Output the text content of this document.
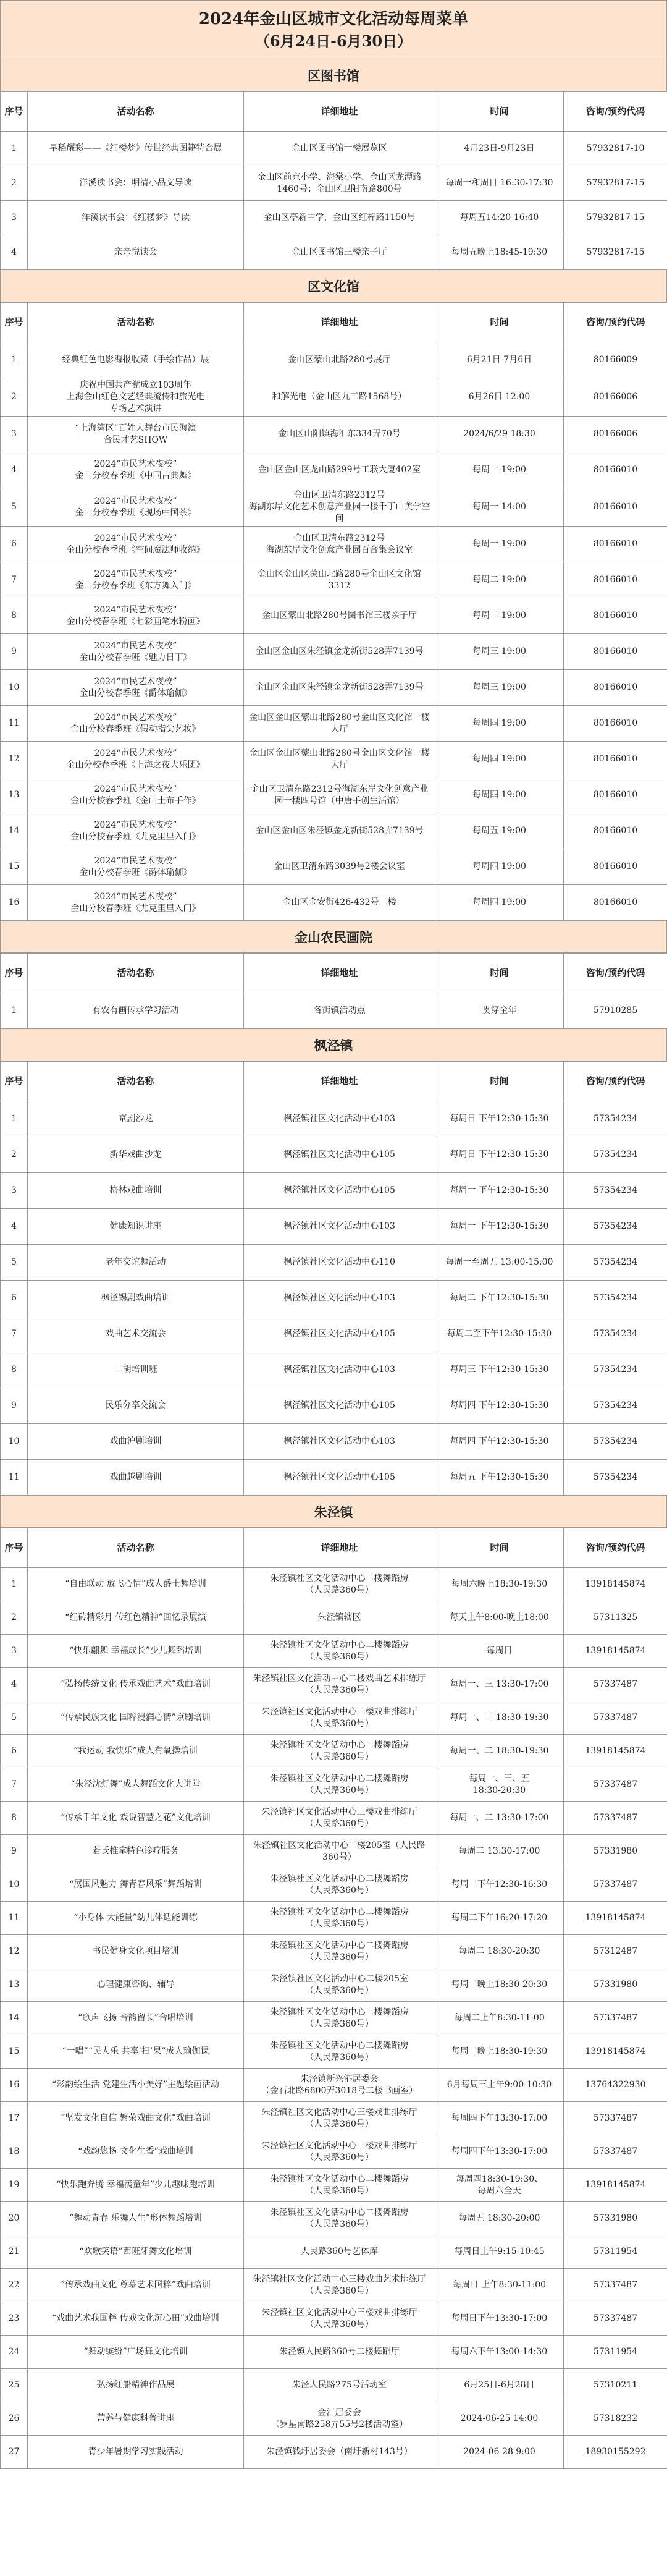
2024年金山区城市文化活动每周菜单
（6月24日-6月30日）
区图书馆
序号	活动名称	详细地址	时间	咨询/预约代码
1	早稻耀彩——《红楼梦》传世经典图籍特合展	金山区图书馆一楼展览区	4月23日-9月23日	57932817-10
2	洋溪读书会：明清小品文导读	金山区前京小学、海棠小学、金山区龙潭路1460号；金山区卫阳南路800号	每周一和周日 16:30-17:30	57932817-15
3	洋溪读书会：《红楼梦》导读	金山区亭新中学，金山区红梓路1150号	每周五14:20-16:40	57932817-15
4	亲亲悦读会	金山区图书馆三楼亲子厅	每周五晚上18:45-19:30	57932817-15
区文化馆
序号	活动名称	详细地址	时间	咨询/预约代码
1	经典红色电影海报收藏（手绘作品）展	金山区蒙山北路280号展厅	6月21日-7月6日	80166009
2	庆祝中国共产党成立103周年
上海金山红色文艺经典流传和旅光电
专场艺术演讲	和解光电（金山区九工路1568号）	6月26日 12:00	80166006
3	“上海湾区”百姓大舞台市民海演
合民才艺SHOW	金山区山阳镇海汇东334弄70号	2024/6/29 18:30	80166006
4	2024“市民艺术夜校”
金山分校春季班《中国古典舞》	金山区金山区龙山路299号工联大厦402室	每周一 19:00	80166010
5	2024“市民艺术夜校”
金山分校春季班《现场中国茶》	金山区卫清东路2312号
海湖东岸文化艺术创意产业园一楼千丁山美学空间	每周一 14:00	80166010
6	2024“市民艺术夜校”
金山分校春季班《空间魔法师收纳》	金山区卫清东路2312号
海湖东岸文化创意产业园百合集会议室	每周一 19:00	80166010
7	2024“市民艺术夜校”
金山分校春季班《东方舞入门》	金山区金山区蒙山北路280号金山区文化馆3312	每周二 19:00	80166010
8	2024“市民艺术夜校”
金山分校春季班《七彩画笔水粉画》	金山区蒙山北路280号图书馆三楼亲子厅	每周二 19:00	80166010
9	2024“市民艺术夜校”
金山分校春季班《魅力日丁》	金山区金山区朱泾镇金龙新街528弄7139号	每周三 19:00	80166010
10	2024“市民艺术夜校”
金山分校春季班《爵体瑜伽》	金山区金山区朱泾镇金龙新街528弄7139号	每周三 19:00	80166010
11	2024“市民艺术夜校”
金山分校春季班《假动指尖艺妆》	金山区金山区蒙山北路280号金山区文化馆一楼大厅	每周四 19:00	80166010
12	2024“市民艺术夜校”
金山分校春季班《上海之夜大乐团》	金山区金山区蒙山北路280号金山区文化馆一楼大厅	每周四 19:00	80166010
13	2024“市民艺术夜校”
金山分校春季班《金山土布手作》	金山区卫清东路2312号海湖东岸文化创意产业园一楼四号馆（中唐手创生活馆）	每周四 19:00	80166010
14	2024“市民艺术夜校”
金山分校春季班《尤克里里入门》	金山区金山区朱泾镇金龙新街528弄7139号	每周五 19:00	80166010
15	2024“市民艺术夜校”
金山分校春季班《爵体瑜伽》	金山区卫清东路3039号2楼会议室	每周四 19:00	80166010
16	2024“市民艺术夜校”
金山分校春季班《尤克里里入门》	金山区金安街426-432号二楼	每周四 19:00	80166010
金山农民画院
序号	活动名称	详细地址	时间	咨询/预约代码
1	有农有画传承学习活动	各街镇活动点	贯穿全年	57910285
枫泾镇
序号	活动名称	详细地址	时间	咨询/预约代码
1	京剧沙龙	枫泾镇社区文化活动中心103	每周日 下午12:30-15:30	57354234
2	新华戏曲沙龙	枫泾镇社区文化活动中心105	每周日 下午12:30-15:30	57354234
3	梅林戏曲培训	枫泾镇社区文化活动中心105	每周一 下午12:30-15:30	57354234
4	健康知识讲座	枫泾镇社区文化活动中心103	每周一 下午12:30-15:30	57354234
5	老年交谊舞活动	枫泾镇社区文化活动中心110	每周一至周五 13:00-15:00	57354234
6	枫泾锡剧戏曲培训	枫泾镇社区文化活动中心103	每周二 下午12:30-15:30	57354234
7	戏曲艺术交流会	枫泾镇社区文化活动中心105	每周二至下午12:30-15:30	57354234
8	二胡培训班	枫泾镇社区文化活动中心103	每周三 下午12:30-15:30	57354234
9	民乐分享交流会	枫泾镇社区文化活动中心105	每周四 下午12:30-15:30	57354234
10	戏曲沪剧培训	枫泾镇社区文化活动中心103	每周四 下午12:30-15:30	57354234
11	戏曲越剧培训	枫泾镇社区文化活动中心105	每周五 下午12:30-15:30	57354234
朱泾镇
序号	活动名称	详细地址	时间	咨询/预约代码
1	“自由联动 放飞心情”成人爵士舞培训	朱泾镇社区文化活动中心二楼舞蹈房
（人民路360号）	每周六晚上18:30-19:30	13918145874
2	“红砖精彩月 传红色精神”回忆录展演	朱泾镇辖区	每天上午8:00-晚上18:00	57311325
3	“快乐翩舞 幸福成长”少儿舞蹈培训	朱泾镇社区文化活动中心二楼舞蹈房
（人民路360号）	每周日	13918145874
4	“弘扬传统文化 传承戏曲艺术”戏曲培训	朱泾镇社区文化活动中心二楼戏曲艺术排练厅
（人民路360号）	每周一、三 13:30-17:00	57337487
5	“传承民族文化 国粹浸润心情”京剧培训	朱泾镇社区文化活动中心三楼戏曲排练厅
（人民路360号）	每周一、二 18:30-19:30	57337487
6	“我运动 我快乐”成人有氧操培训	朱泾镇社区文化活动中心二楼舞蹈房
（人民路360号）	每周一、二 18:30-19:30	13918145874
7	“朱泾沈灯舞”成人舞蹈文化大讲堂	朱泾镇社区文化活动中心二楼舞蹈房
（人民路360号）	每周一、三、五
18:30-20:30	57337487
8	“传承千年文化 戏说智慧之花”文化培训	朱泾镇社区文化活动中心三楼戏曲排练厅
（人民路360号）	每周一、二 13:30-17:00	57337487
9	若氏推拿特色诊疗服务	朱泾镇社区文化活动中心二楼205室（人民路360号）	每周二 13:30-17:00	57331980
10	“展国风魅力 舞青春风采”舞蹈培训	朱泾镇社区文化活动中心二楼舞蹈房
（人民路360号）	每周二下午12:30-16:30	57337487
11	“小身体 大能量”幼儿体适能训练	朱泾镇社区文化活动中心二楼舞蹈房
（人民路360号）	每周二下午16:20-17:20	13918145874
12	书民健身文化项目培训	朱泾镇社区文化活动中心二楼舞蹈房
（人民路360号）	每周二 18:30-20:30	57312487
13	心理健康咨询、辅导	朱泾镇社区文化活动中心二楼205室
（人民路360号）	每周二晚上18:30-20:30	57331980
14	“歌声飞扬 音韵留长”合唱培训	朱泾镇社区文化活动中心二楼舞蹈房
（人民路360号）	每周二上午8:30-11:00	57337487
15	“一唱”“民人乐 共享‘扫’果”成人瑜伽课	朱泾镇社区文化活动中心二楼舞蹈房
（人民路360号）	每周二晚上18:30-19:30	13918145874
16	“彩韵绘生活 党建生活小美好”主题绘画活动	朱泾镇新兴港居委会
（金石北路6800弄3018号二楼书画室）	6月每周三上午9:00-10:30	13764322930
17	“坚发文化自信 繁荣戏曲文化”戏曲培训	朱泾镇社区文化活动中心三楼戏曲排练厅
（人民路360号）	每周四下午13:30-17:00	57337487
18	“戏韵悠扬 文化生香”戏曲培训	朱泾镇社区文化活动中心三楼戏曲排练厅
（人民路360号）	每周四下午13:30-17:00	57337487
19	“快乐跑奔腾 幸福满童年”少儿趣味跑培训	朱泾镇社区文化活动中心二楼舞蹈房
（人民路360号）	每周四18:30-19:30、
每周六全天	13918145874
20	“舞动青春 乐舞人生”形体舞蹈培训	朱泾镇社区文化活动中心二楼舞蹈房
（人民路360号）	每周五 18:30-20:00	57331980
21	“欢歌笑语”西班牙舞文化培训	人民路360号艺体库	每周日上午9:15-10:45	57311954
22	“传承戏曲文化 尊慕艺术国粹”戏曲培训	朱泾镇社区文化活动中心三楼戏曲艺术排练厅
（人民路360号）	每周日 上午8:30-11:00	57337487
23	“戏曲艺术我国粹 传戏文化沉心田”戏曲培训	朱泾镇社区文化活动中心三楼戏曲排练厅
（人民路360号）	每周日下午13:30-17:00	57337487
24	“舞动缤纷”广场舞文化培训	朱泾镇人民路360号二楼舞蹈厅	每周六下午13:00-14:30	57311954
25	弘扬红船精神作品展	朱泾人民路275号活动室	6月25日-6月28日	57310211
26	营养与健康科普讲座	金汇居委会
（罗星南路258弄55号2楼活动室）	2024-06-25 14:00	57318232
27	青少年暑期学习实践活动	朱泾镇钱圩居委会（南圩新村143号）	2024-06-28 9:00	18930155292
